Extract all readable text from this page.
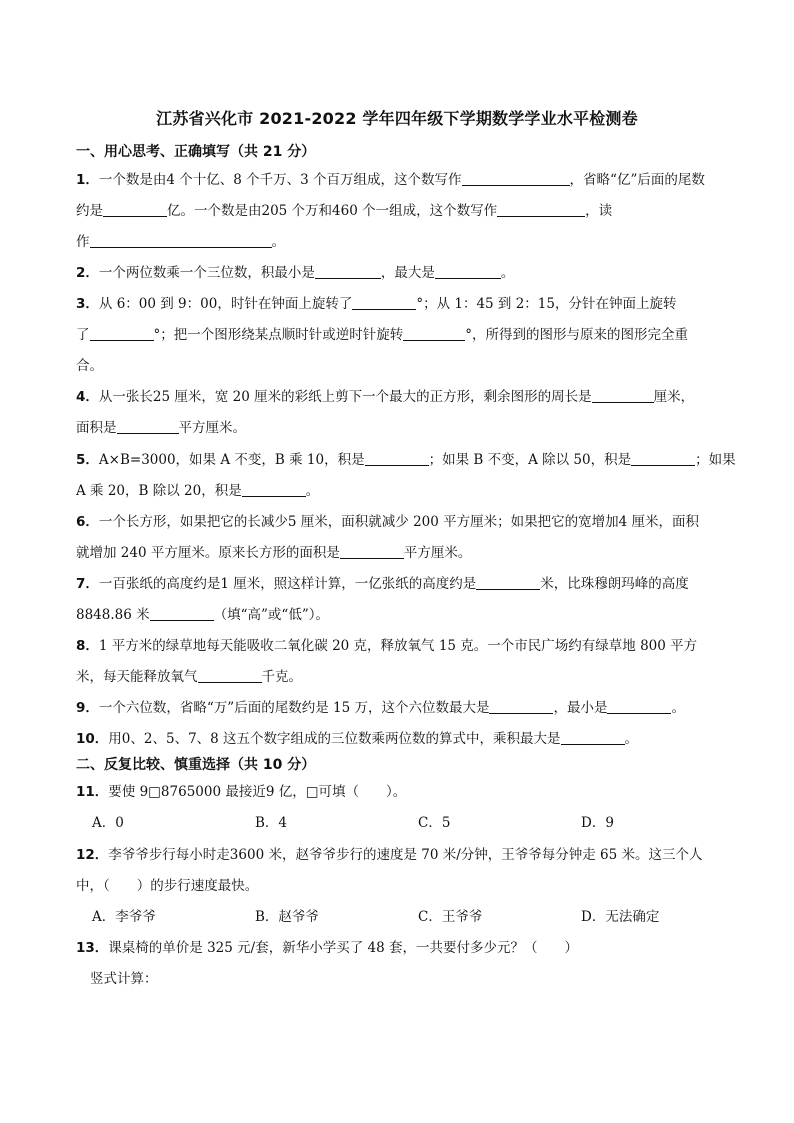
江苏省兴化市 2021-2022 学年四年级下学期数学学业水平检测卷
一、用心思考、正确填写（共 21 分）
1．一个数是由4 个十亿、8 个千万、3 个百万组成，这个数写作	，省略“亿”后面的尾数
约是	亿。一个数是由205 个万和460 个一组成，这个数写作	，读
作	。
2．一个两位数乘一个三位数，积最小是	，最大是	。
3．从 6：00 到 9：00，时针在钟面上旋转了	°；从 1：45 到 2：15，分针在钟面上旋转
了	°；把一个图形绕某点顺时针或逆时针旋转	°，所得到的图形与原来的图形完全重
合。
4．从一张长25 厘米，宽 20 厘米的彩纸上剪下一个最大的正方形，剩余图形的周长是	厘米，
面积是	平方厘米。
5．A×B=3000，如果 A 不变，B 乘 10，积是	；如果 B 不变，A 除以 50，积是	；如果
A 乘 20，B 除以 20，积是	。
6．一个长方形，如果把它的长减少5 厘米，面积就减少 200 平方厘米；如果把它的宽增加4 厘米，面积
就增加 240 平方厘米。原来长方形的面积是	平方厘米。
7．一百张纸的高度约是1 厘米，照这样计算，一亿张纸的高度约是	米，比珠穆朗玛峰的高度
8848.86 米	（填“高”或“低”）。
8．1 平方米的绿草地每天能吸收二氧化碳 20 克，释放氧气 15 克。一个市民广场约有绿草地 800 平方
米，每天能释放氧气	千克。
9．一个六位数，省略“万”后面的尾数约是 15 万，这个六位数最大是	，最小是	。
10．用0、2、5、7、8 这五个数字组成的三位数乘两位数的算式中，乘积最大是	。
二、反复比较、慎重选择（共 10 分）
11．要使 9□8765000 最接近9 亿，□可填（　　）。
A．0	B．4	C．5	D．9
12．李爷爷步行每小时走3600 米，赵爷爷步行的速度是 70 米/分钟，王爷爷每分钟走 65 米。这三个人
中，（　　）的步行速度最快。
A．李爷爷	B．赵爷爷	C．王爷爷	D．无法确定
13．课桌椅的单价是 325 元/套，新华小学买了 48 套，一共要付多少元？（　　）
竖式计算：
